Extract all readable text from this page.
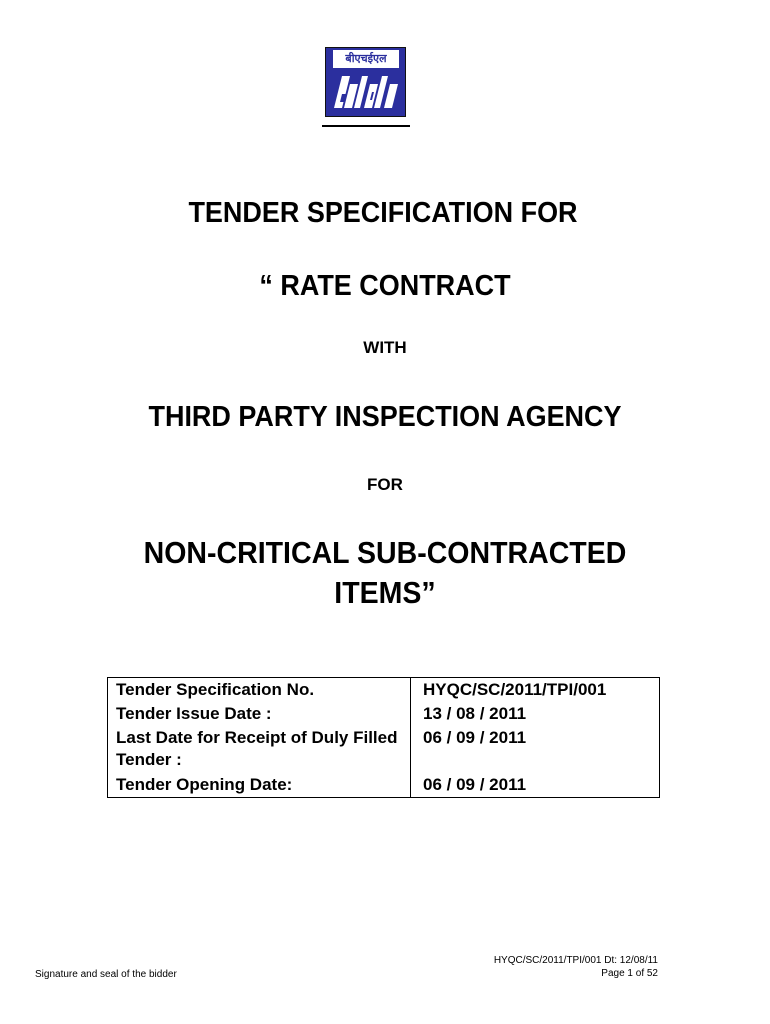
बीएचईएल
TENDER SPECIFICATION FOR
“ RATE CONTRACT
WITH
THIRD PARTY INSPECTION AGENCY
FOR
NON-CRITICAL SUB-CONTRACTED
ITEMS”
Tender Specification No.	HYQC/SC/2011/TPI/001
Tender Issue Date :	13 / 08 / 2011
Last Date for Receipt of Duly Filled Tender :	06 / 09 / 2011
Tender Opening Date:	06 / 09 / 2011
HYQC/SC/2011/TPI/001 Dt: 12/08/11
Page 1 of 52
Signature and seal of the bidder
